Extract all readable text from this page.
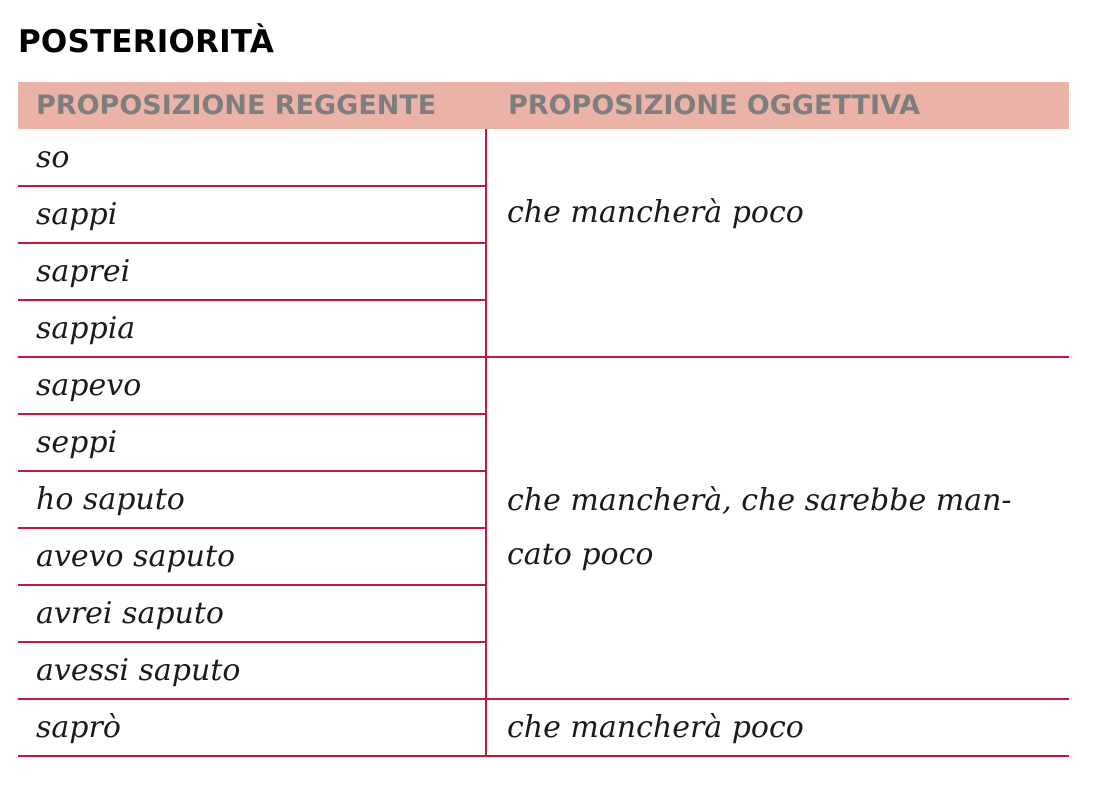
POSTERIORITÀ
PROPOSIZIONE REGGENTE	PROPOSIZIONE OGGETTIVA
so	che mancherà poco
sappi	
saprei	
sappia	
sapevo	che mancherà, che sarebbe man-cato poco
seppi	
ho saputo	
avevo saputo	
avrei saputo	
avessi saputo	
saprò	che mancherà poco
